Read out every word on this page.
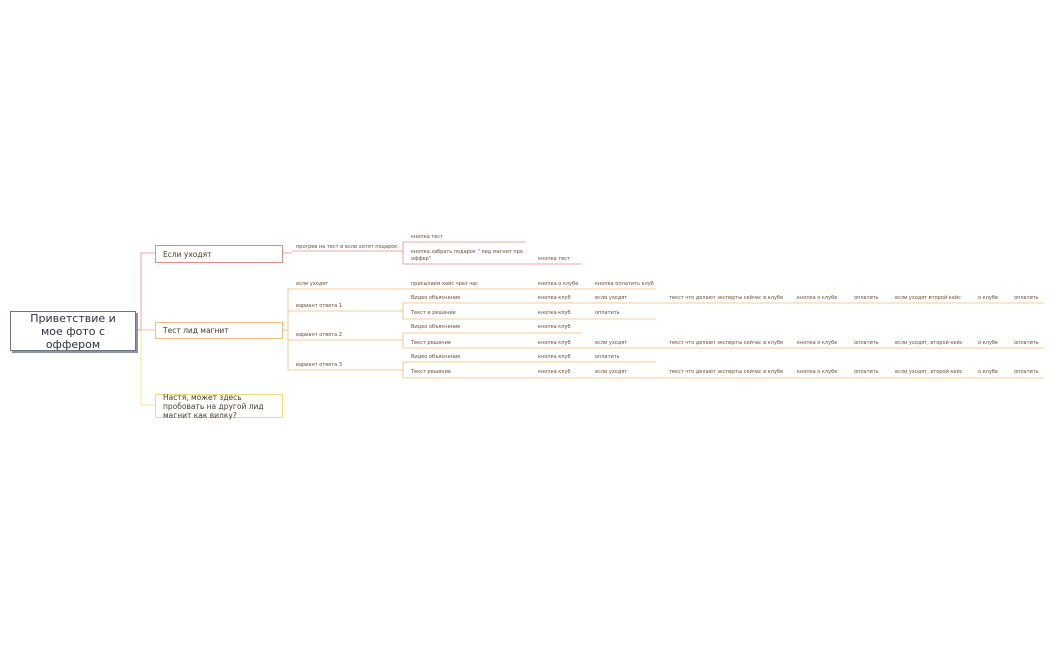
Приветствие и мое фото с оффером
Если уходят
Тест лид магнит
Настя, может здесь пробовать на другой лид магнит как вилку?
прогрев на тест и если хотят подарок
кнопка тест
кнопка забрать подарок " лид магнит про оффер"	кнопка тест
если уходят	присылаем кейс чрез час	кнопка о клубе	кнопка оплатить клуб
вариант ответа 1
Видео объяснение
Текст и решение
вариант ответа 2
Видео объяснение
Текст решение
вариант ответа 3
Видео объяснение
Текст решение
кнопка клуб	если уходят	текст что делают эксперты сейчас в клубе	кнопка о клубе	оплатить	если уходят второй кейс	о клубе	оплатить
кнопка клуб	оплатить
кнопка клуб
кнопка клуб	если уходят	текст что делают эксперты сейчас в клубе	кнопка о клубе	оплатить	если уходят, второй кейс	о клубе	оплатить
кнопка клуб	оплатить
кнопка клуб	если уходят	текст что делают эксперты сейчас в клубе	кнопка о клубе	оплатить	если уходят, второй кейс	о клубе	оплатить
